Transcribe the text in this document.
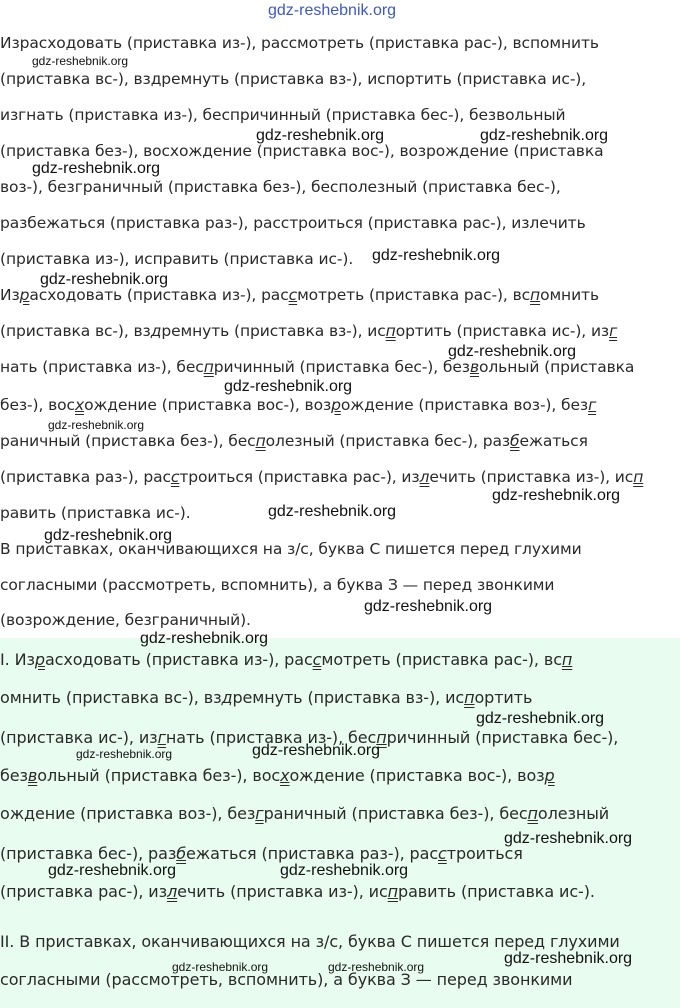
gdz-reshebnik.org
Израсходовать (приставка из-), рассмотреть (приставка рас-), вспомнить
(приставка вс-), вздремнуть (приставка вз-), испортить (приставка ис-),
изгнать (приставка из-), беспричинный (приставка бес-), безвольный
(приставка без-), восхождение (приставка вос-), возрождение (приставка
воз-), безграничный (приставка без-), бесполезный (приставка бес-),
разбежаться (приставка раз-), расстроиться (приставка рас-), излечить
(приставка из-), исправить (приставка ис-).
Израсходовать (приставка из-), рассмотреть (приставка рас-), вспомнить
(приставка вс-), вздремнуть (приставка вз-), испортить (приставка ис-), изг
нать (приставка из-), беспричинный (приставка бес-), безвольный (приставка
без-), восхождение (приставка вос-), возрождение (приставка воз-), безг
раничный (приставка без-), бесполезный (приставка бес-), разбежаться
(приставка раз-), расстроиться (приставка рас-), излечить (приставка из-), исп
равить (приставка ис-).
В приставках, оканчивающихся на з/с, буква С пишется перед глухими
согласными (рассмотреть, вспомнить), а буква З — перед звонкими
(возрождение, безграничный).
I. Израсходовать (приставка из-), рассмотреть (приставка рас-), всп
омнить (приставка вс-), вздремнуть (приставка вз-), испортить
(приставка ис-), изгнать (приставка из-), беспричинный (приставка бес-),
безвольный (приставка без-), восхождение (приставка вос-), возр
ождение (приставка воз-), безграничный (приставка без-), бесполезный
(приставка бес-), разбежаться (приставка раз-), расстроиться
(приставка рас-), излечить (приставка из-), исправить (приставка ис-).
II. В приставках, оканчивающихся на з/с, буква С пишется перед глухими
согласными (рассмотреть, вспомнить), а буква З — перед звонкими
gdz-reshebnik.org
gdz-reshebnik.org	gdz-reshebnik.org
gdz-reshebnik.org
gdz-reshebnik.org
gdz-reshebnik.org
gdz-reshebnik.org
gdz-reshebnik.org
gdz-reshebnik.org
gdz-reshebnik.org
gdz-reshebnik.org
gdz-reshebnik.org
gdz-reshebnik.org
gdz-reshebnik.org
gdz-reshebnik.org
gdz-reshebnik.org	gdz-reshebnik.org
gdz-reshebnik.org
gdz-reshebnik.org	gdz-reshebnik.org
gdz-reshebnik.org
gdz-reshebnik.org	gdz-reshebnik.org
